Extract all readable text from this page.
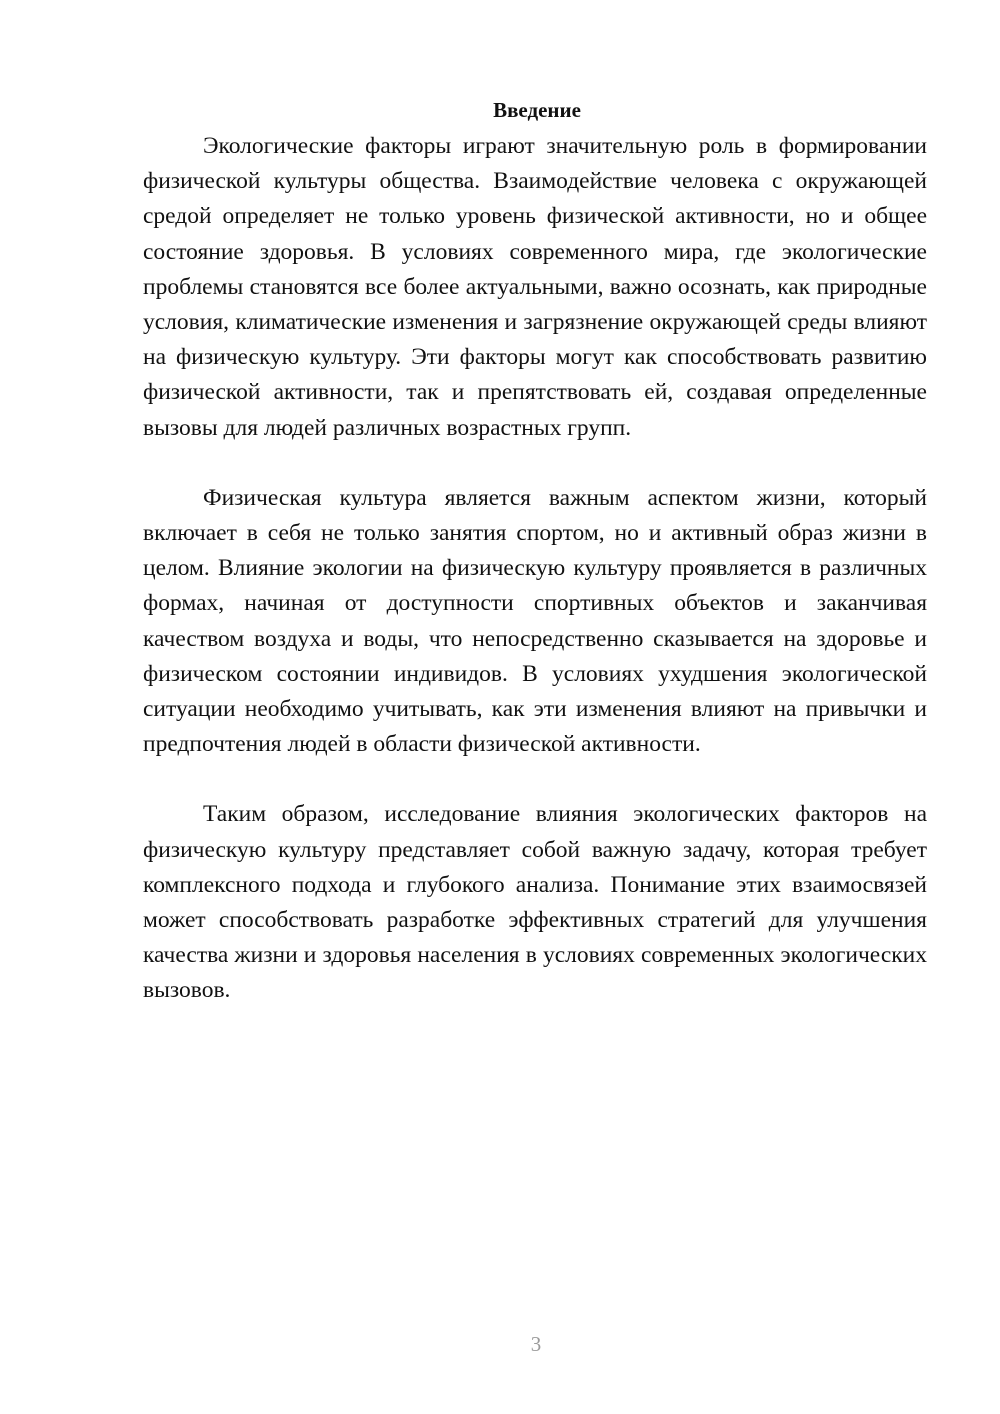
Введение

Экологические факторы играют значительную роль в формировании физической культуры общества. Взаимодействие человека с окружающей средой определяет не только уровень физической активности, но и общее состояние здоровья. В условиях современного мира, где экологические проблемы становятся все более актуальными, важно осознать, как природные условия, климатические изменения и загрязнение окружающей среды влияют на физическую культуру. Эти факторы могут как способствовать развитию физической активности, так и препятствовать ей, создавая определенные вызовы для людей различных возрастных групп.

Физическая культура является важным аспектом жизни, который включает в себя не только занятия спортом, но и активный образ жизни в целом. Влияние экологии на физическую культуру проявляется в различных формах, начиная от доступности спортивных объектов и заканчивая качеством воздуха и воды, что непосредственно сказывается на здоровье и физическом состоянии индивидов. В условиях ухудшения экологической ситуации необходимо учитывать, как эти изменения влияют на привычки и предпочтения людей в области физической активности.

Таким образом, исследование влияния экологических факторов на физическую культуру представляет собой важную задачу, которая требует комплексного подхода и глубокого анализа. Понимание этих взаимосвязей может способствовать разработке эффективных стратегий для улучшения качества жизни и здоровья населения в условиях современных экологических вызовов.

3
